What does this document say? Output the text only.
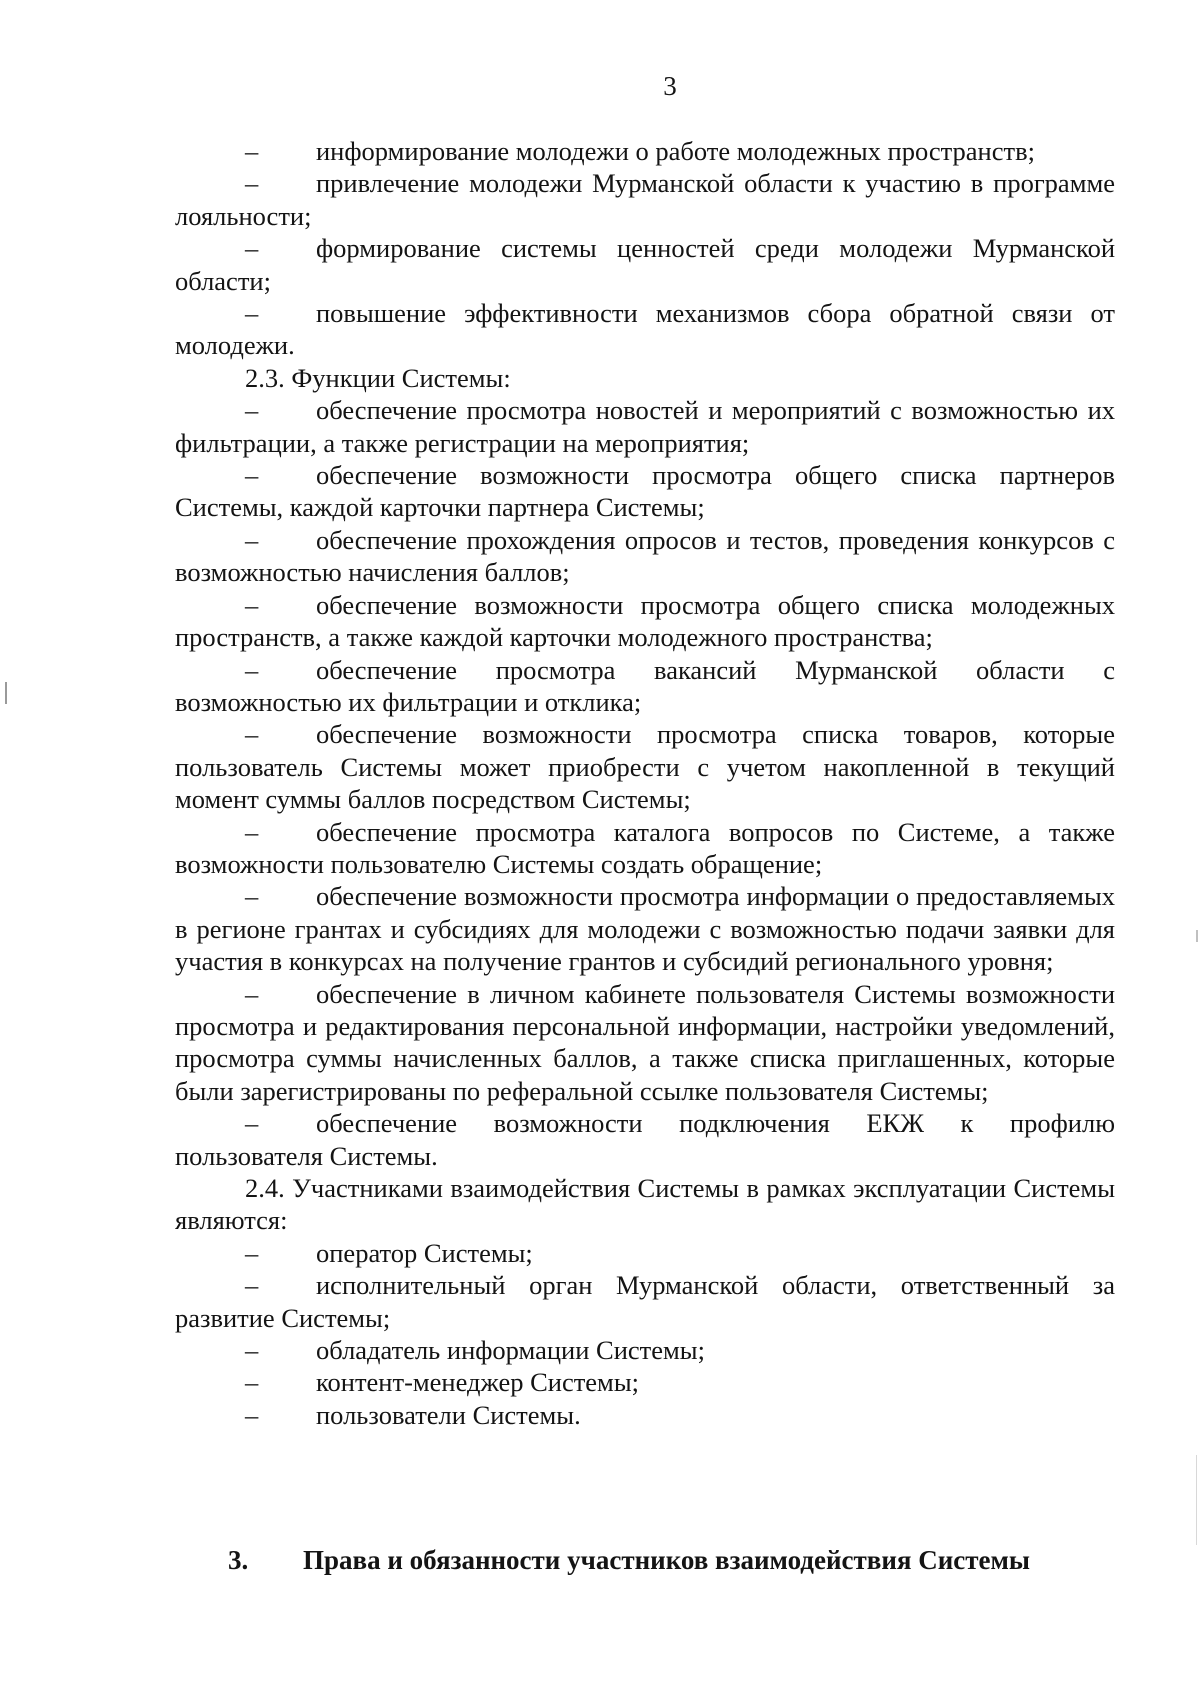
3

– информирование молодежи о работе молодежных пространств;

– привлечение молодежи Мурманской области к участию в программе лояльности;

– формирование системы ценностей среди молодежи Мурманской области;

– повышение эффективности механизмов сбора обратной связи от молодежи.

2.3. Функции Системы:

– обеспечение просмотра новостей и мероприятий с возможностью их фильтрации, а также регистрации на мероприятия;

– обеспечение возможности просмотра общего списка партнеров Системы, каждой карточки партнера Системы;

– обеспечение прохождения опросов и тестов, проведения конкурсов с возможностью начисления баллов;

– обеспечение возможности просмотра общего списка молодежных пространств, а также каждой карточки молодежного пространства;

– обеспечение просмотра вакансий Мурманской области с возможностью их фильтрации и отклика;

– обеспечение возможности просмотра списка товаров, которые пользователь Системы может приобрести с учетом накопленной в текущий момент суммы баллов посредством Системы;

– обеспечение просмотра каталога вопросов по Системе, а также возможности пользователю Системы создать обращение;

– обеспечение возможности просмотра информации о предоставляемых в регионе грантах и субсидиях для молодежи с возможностью подачи заявки для участия в конкурсах на получение грантов и субсидий регионального уровня;

– обеспечение в личном кабинете пользователя Системы возможности просмотра и редактирования персональной информации, настройки уведомлений, просмотра суммы начисленных баллов, а также списка приглашенных, которые были зарегистрированы по реферальной ссылке пользователя Системы;

– обеспечение возможности подключения ЕКЖ к профилю пользователя Системы.

2.4. Участниками взаимодействия Системы в рамках эксплуатации Системы являются:

– оператор Системы;

– исполнительный орган Мурманской области, ответственный за развитие Системы;

– обладатель информации Системы;

– контент-менеджер Системы;

– пользователи Системы.

3. Права и обязанности участников взаимодействия Системы
